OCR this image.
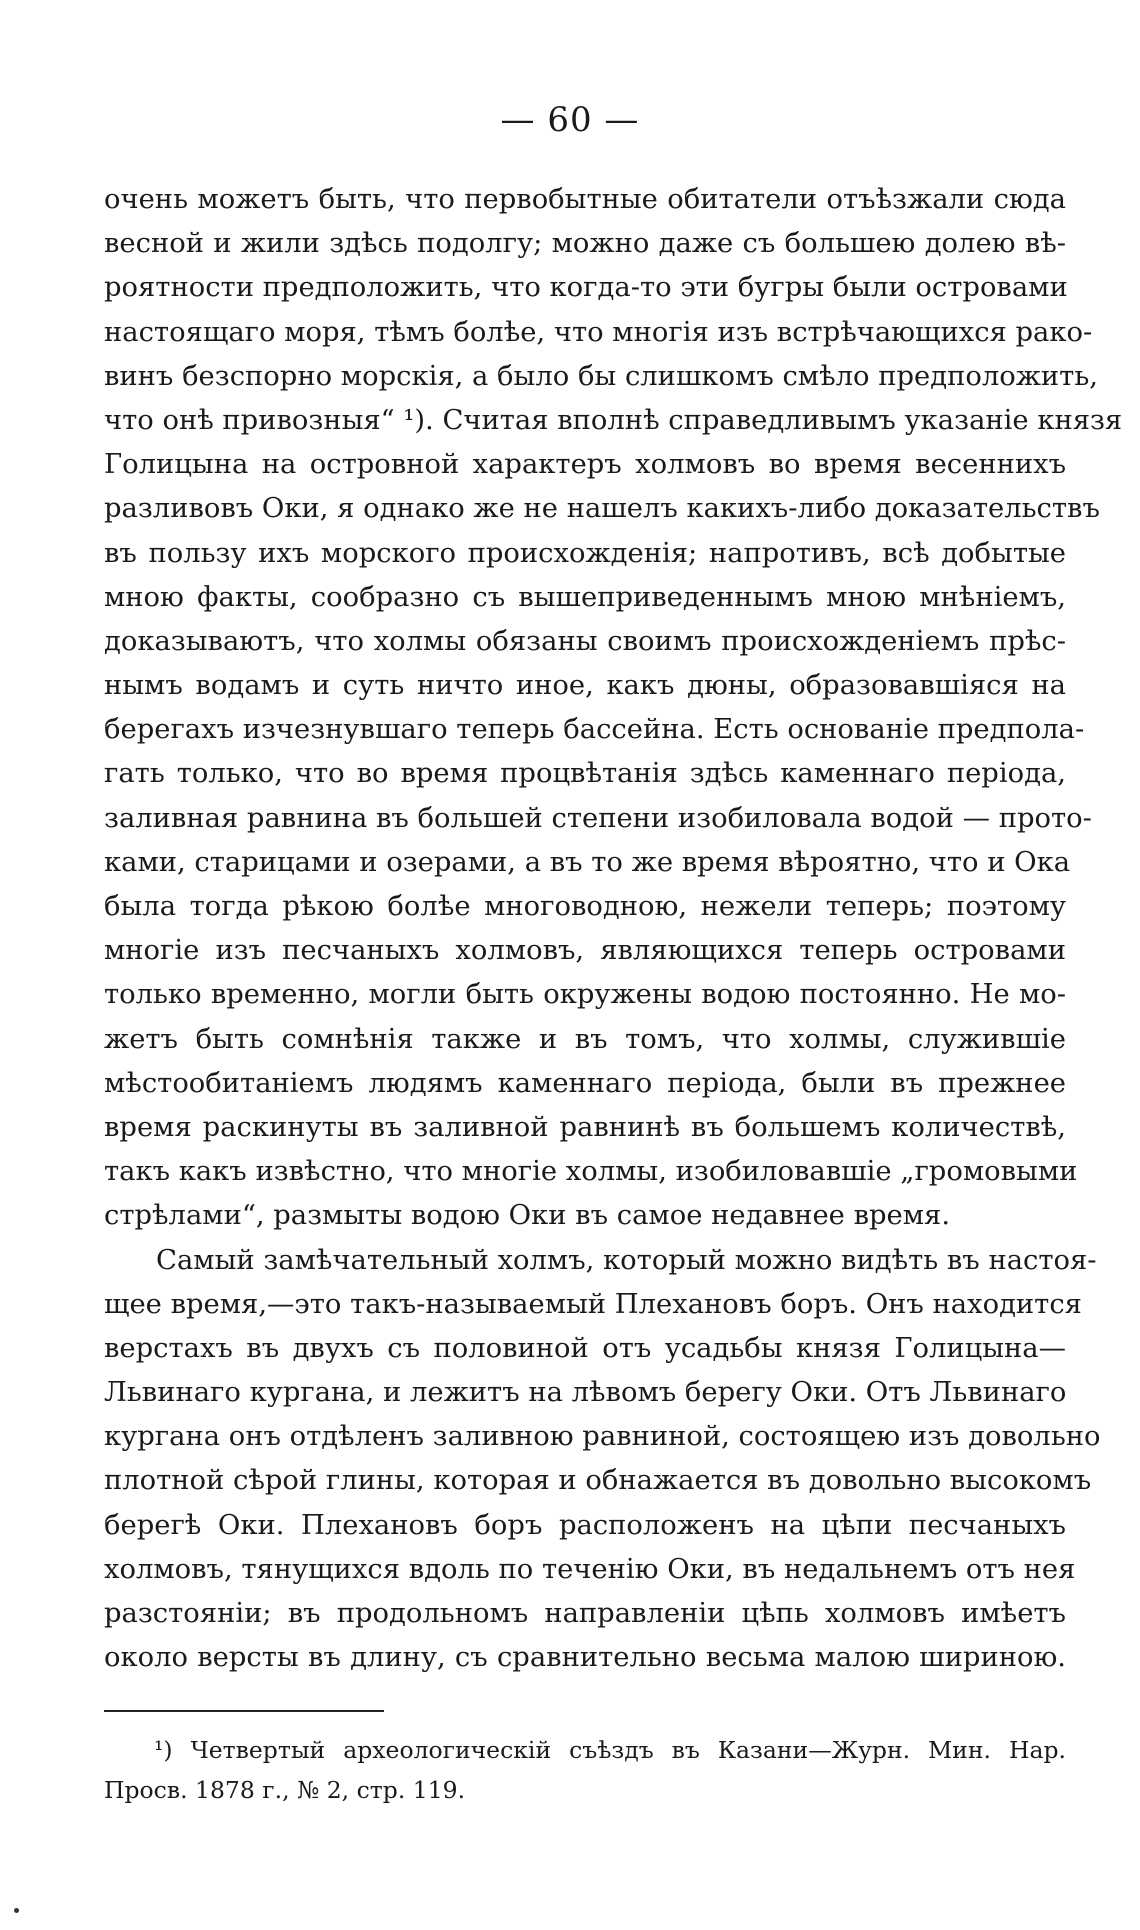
— 60 —
очень можетъ быть, что первобытные обитатели отъѣзжали сюда
весной и жили здѣсь подолгу; можно даже съ большею долею вѣ-
роятности предположить, что когда-то эти бугры были островами
настоящаго моря, тѣмъ болѣе, что многія изъ встрѣчающихся рако-
винъ безспорно морскія, а было бы слишкомъ смѣло предположить,
что онѣ привозныя“ ¹). Считая вполнѣ справедливымъ указаніе князя
Голицына на островной характеръ холмовъ во время весеннихъ
разливовъ Оки, я однако же не нашелъ какихъ-либо доказательствъ
въ пользу ихъ морского происхожденія; напротивъ, всѣ добытые
мною факты, сообразно съ вышеприведеннымъ мною мнѣніемъ,
доказываютъ, что холмы обязаны своимъ происхожденіемъ прѣс-
нымъ водамъ и суть ничто иное, какъ дюны, образовавшіяся на
берегахъ изчезнувшаго теперь бассейна. Есть основаніе предпола-
гать только, что во время процвѣтанія здѣсь каменнаго періода,
заливная равнина въ большей степени изобиловала водой — прото-
ками, старицами и озерами, а въ то же время вѣроятно, что и Ока
была тогда рѣкою болѣе многоводною, нежели теперь; поэтому
многіе изъ песчаныхъ холмовъ, являющихся теперь островами
только временно, могли быть окружены водою постоянно. Не мо-
жетъ быть сомнѣнія также и въ томъ, что холмы, служившіе
мѣстообитаніемъ людямъ каменнаго періода, были въ прежнее
время раскинуты въ заливной равнинѣ въ большемъ количествѣ,
такъ какъ извѣстно, что многіе холмы, изобиловавшіе „громовыми
стрѣлами“, размыты водою Оки въ самое недавнее время.
Самый замѣчательный холмъ, который можно видѣть въ настоя-
щее время,—это такъ-называемый Плехановъ боръ. Онъ находится
верстахъ въ двухъ съ половиной отъ усадьбы князя Голицына—
Львинаго кургана, и лежитъ на лѣвомъ берегу Оки. Отъ Львинаго
кургана онъ отдѣленъ заливною равниной, состоящею изъ довольно
плотной сѣрой глины, которая и обнажается въ довольно высокомъ
берегѣ Оки. Плехановъ боръ расположенъ на цѣпи песчаныхъ
холмовъ, тянущихся вдоль по теченію Оки, въ недальнемъ отъ нея
разстояніи; въ продольномъ направленіи цѣпь холмовъ имѣетъ
около версты въ длину, съ сравнительно весьма малою шириною.
¹) Четвертый археологическій съѣздъ въ Казани—Журн. Мин. Нар.
Просв. 1878 г., № 2, стр. 119.
